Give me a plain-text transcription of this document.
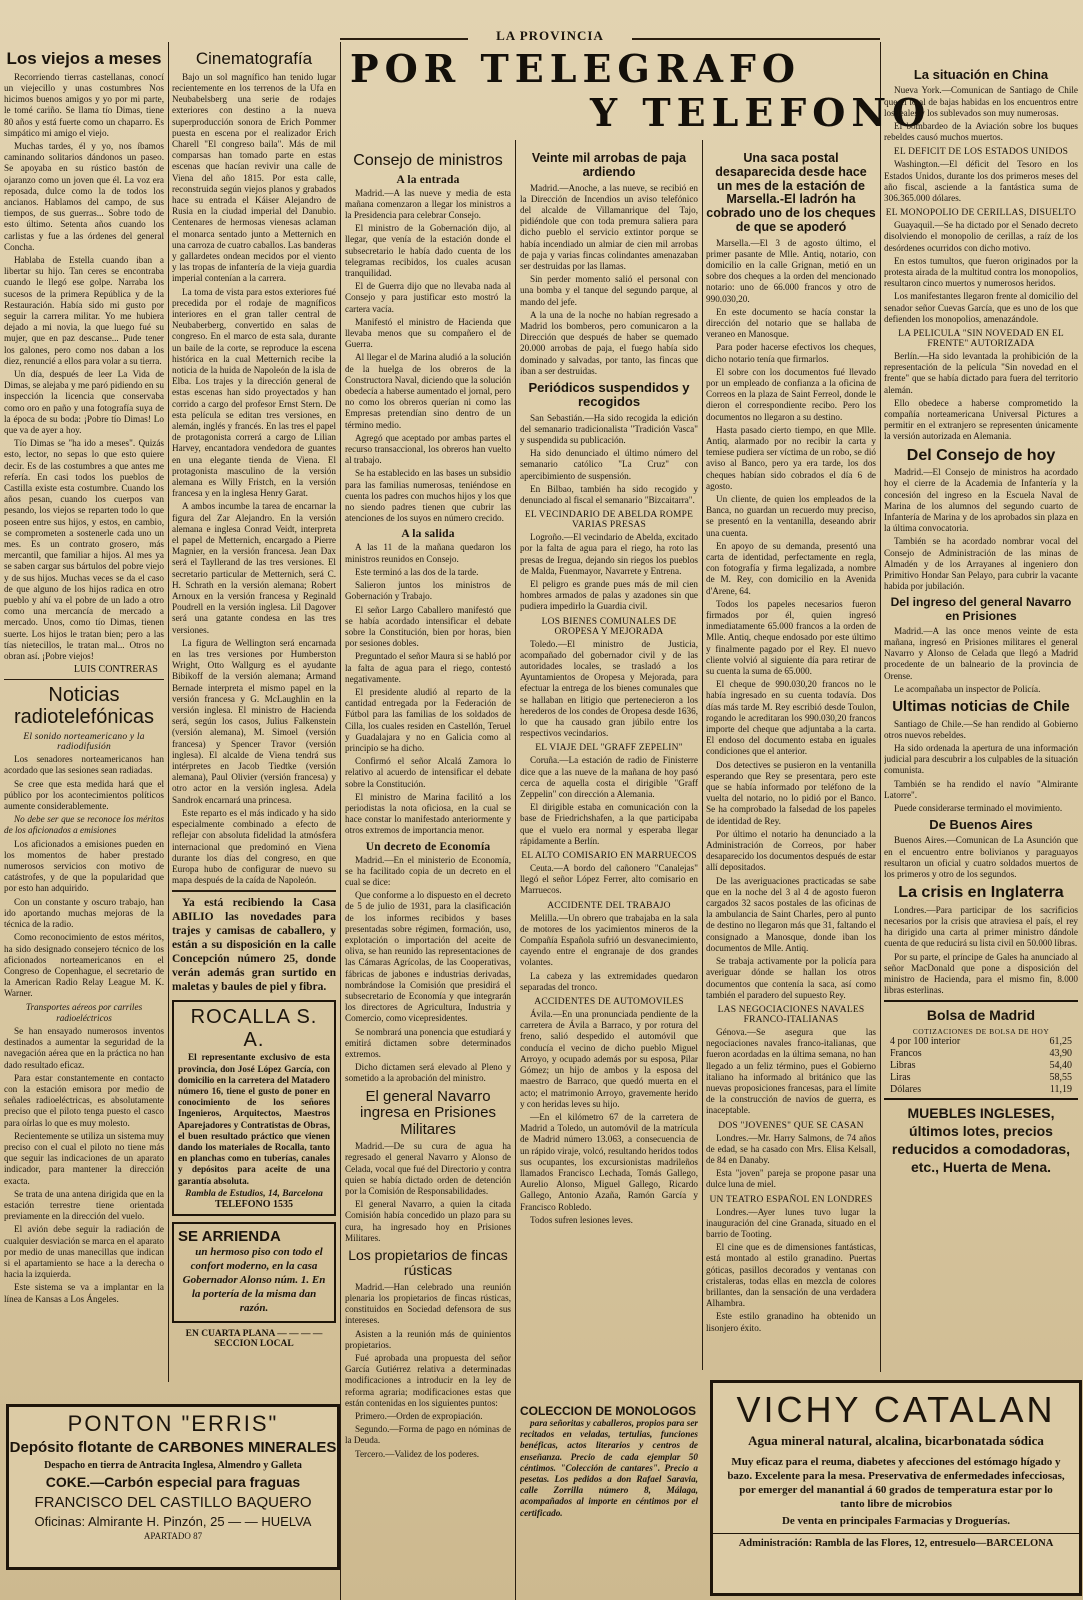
LA PROVINCIA
POR TELEGRAFO
Y TELEFONO
Los viejos a meses

Recorriendo tierras castellanas, conocí un viejecillo y unas costumbres Nos hicimos buenos amigos y yo por mi parte, le tomé cariño. Se llama tío Dimas, tiene 80 años y está fuerte como un chaparro. Es simpático mi amigo el viejo.

Muchas tardes, él y yo, nos íbamos caminando solitarios dándonos un paseo. Se apoyaba en su rústico bastón de ojaranzo como un joven que él. La voz era reposada, dulce como la de todos los ancianos. Hablamos del campo, de sus tiempos, de sus guerras... Sobre todo de esto último. Setenta años cuando los carlistas y fue a las órdenes del general Concha.

Hablaba de Estella cuando iban a libertar su hijo. Tan ceres se encontraba cuando le llegó ese golpe. Narraba los sucesos de la primera República y de la Restauración. Había sido mi gusto por seguir la carrera militar. Yo me hubiera dejado a mi novia, la que luego fué su mujer, que en paz descanse... Pude tener los galones, pero como nos daban a los diez, renuncié a ellos para volar a su tierra.

Un día, después de leer La Vida de Dimas, se alejaba y me paró pidiendo en su inspección la licencia que conservaba como oro en paño y una fotografía suya de la época de su boda: ¡Pobre tío Dimas! Lo que va de ayer a hoy.

Tío Dimas se "ha ido a meses". Quizás esto, lector, no sepas lo que esto quiere decir. Es de las costumbres a que antes me refería. En casi todos los pueblos de Castilla existe esta costumbre. Cuando los años pesan, cuando los cuerpos van pesando, los viejos se reparten todo lo que poseen entre sus hijos, y estos, en cambio, se comprometen a sostenerle cada uno un mes. Es un contrato grosero, más mercantil, que familiar a hijos. Al mes ya se saben cargar sus bártulos del pobre viejo y de sus hijos. Muchas veces se da el caso de que alguno de los hijos radica en otro pueblo y ahí va el pobre de un lado a otro como una mercancía de mercado a mercado. Unos, como tío Dimas, tienen suerte. Los hijos le tratan bien; pero a las tías nietecillos, le tratan mal... Otros no obran así. ¡Pobre viejos!

LUIS CONTRERAS
Noticias radiotelefónicas
El sonido norteamericano y la radiodifusión

Los senadores norteamericanos han acordado que las sesiones sean radiadas.

Se cree que esta medida hará que el público por los acontecimientos políticos aumente considerablemente.

No debe ser que se reconoce los méritos de los aficionados a emisiones

Los aficionados a emisiones pueden en los momentos de haber prestado numerosos servicios con motivo de catástrofes, y de que la popularidad que por esto han adquirido.

Con un constante y oscuro trabajo, han ido aportando muchas mejoras de la técnica de la radio.

Como reconocimiento de estos méritos, ha sido designado consejero técnico de los aficionados norteamericanos en el Congreso de Copenhague, el secretario de la American Radio Relay League M. K. Warner.

Transportes aéreos por carriles radioeléctricos

Se han ensayado numerosos inventos destinados a aumentar la seguridad de la navegación aérea que en la práctica no han dado resultado eficaz.

Para estar constantemente en contacto con la estación emisora por medio de señales radioeléctricas, es absolutamente preciso que el piloto tenga puesto el casco para oírlas lo que es muy molesto.

Recientemente se utiliza un sistema muy preciso con el cual el piloto no tiene más que seguir las indicaciones de un aparato indicador, para mantener la dirección exacta.

Se trata de una antena dirigida que en la estación terrestre tiene orientada previamente en la dirección del vuelo.

El avión debe seguir la radiación de cualquier desviación se marca en el aparato por medio de unas manecillas que indican si el apartamiento se hace a la derecha o hacia la izquierda.

Este sistema se va a implantar en la línea de Kansas a Los Ángeles.

PONTON "ERRIS"
Depósito flotante de CARBONES MINERALES
Despacho en tierra de Antracita Inglesa, Almendro y Galleta
COKE.—Carbón especial para fraguas
FRANCISCO DEL CASTILLO BAQUERO
Oficinas: Almirante H. Pinzón, 25 — — HUELVA
APARTADO 87
Cinematografía

Bajo un sol magnífico han tenido lugar recientemente en los terrenos de la Ufa en Neubabelsberg una serie de rodajes exteriores con destino a la nueva superproducción sonora de Erich Pommer puesta en escena por el realizador Erich Charell "El congreso baila". Más de mil comparsas han tomado parte en estas escenas que hacían revivir una calle de Viena del año 1815. Por esta calle, reconstruida según viejos planos y grabados hace su entrada el Káiser Alejandro de Rusia en la ciudad imperial del Danubio. Centenares de hermosas vienesas aclaman el monarca sentado junto a Metternich en una carroza de cuatro caballos. Las banderas y gallardetes ondean mecidos por el viento y las tropas de infantería de la vieja guardia imperial contenían a la carrera.

La toma de vista para estos exteriores fué precedida por el rodaje de magníficos interiores en el gran taller central de Neubaberberg, convertido en salas de congreso. En el marco de esta sala, durante un baile de la corte, se reproduce la escena histórica en la cual Metternich recibe la noticia de la huida de Napoleón de la isla de Elba. Los trajes y la dirección general de estas escenas han sido proyectados y han corrido a cargo del profesor Ernst Stern. De esta película se editan tres versiones, en alemán, inglés y francés. En las tres el papel de protagonista correrá a cargo de Lilian Harvey, encantadora vendedora de guantes en una elegante tienda de Viena. El protagonista masculino de la versión alemana es Willy Fristch, en la versión francesa y en la inglesa Henry Garat.

A ambos incumbe la tarea de encarnar la figura del Zar Alejandro. En la versión alemana e inglesa Conrad Veidt, interpreta el papel de Metternich, encargado a Pierre Magnier, en la versión francesa. Jean Dax será el Tayllerand de las tres versiones. El secretario particular de Metternich, será C. H. Schrath en la versión alemana; Robert Arnoux en la versión francesa y Reginald Poudrell en la versión inglesa. Lil Dagover será una gatante condesa en las tres versiones.

La figura de Wellington será encarnada en las tres versiones por Humberston Wright, Otto Wallgurg es el ayudante Bibikoff de la versión alemana; Armand Bernade interpreta el mismo papel en la versión francesa y G. McLaughlin en la versión inglesa. El ministro de Hacienda será, según los casos, Julius Falkenstein (versión alemana), M. Simoel (versión francesa) y Spencer Travor (versión inglesa). El alcalde de Viena tendrá sus intérpretes en Jacob Tiedtke (versión alemana), Paul Olivier (versión francesa) y otro actor en la versión inglesa. Adela Sandrok encarnará una princesa.

Este reparto es el más indicado y ha sido especialmente combinado a efecto de reflejar con absoluta fidelidad la atmósfera internacional que predominó en Viena durante los días del congreso, en que Europa hubo de configurar de nuevo su mapa después de la caída de Napoleón.

Ya está recibiendo la Casa ABILIO las novedades para trajes y camisas de caballero, y están a su disposición en la calle Concepción número 25, donde verán además gran surtido en maletas y baules de piel y fibra.

ROCALLA S. A.

El representante exclusivo de esta provincia, don José López García, con domicilio en la carretera del Matadero número 16, tiene el gusto de poner en conocimiento de los señores Ingenieros, Arquitectos, Maestros Aparejadores y Contratistas de Obras, el buen resultado práctico que vienen dando los materiales de Rocalla, tanto en planchas como en tuberías, canales y depósitos para aceite de una garantía absoluta.

Rambla de Estudios, 14, Barcelona
TELEFONO 1535
SE ARRIENDA

un hermoso piso con todo el confort moderno, en la casa Gobernador Alonso núm. 1. En la portería de la misma dan razón.

EN CUARTA PLANA — — — — SECCION LOCAL
Consejo de ministros
A la entrada

Madrid.—A las nueve y media de esta mañana comenzaron a llegar los ministros a la Presidencia para celebrar Consejo.

El ministro de la Gobernación dijo, al llegar, que venía de la estación donde el subsecretario le había dado cuenta de los telegramas recibidos, los cuales acusan tranquilidad.

El de Guerra dijo que no llevaba nada al Consejo y para justificar esto mostró la cartera vacía.

Manifestó el ministro de Hacienda que llevaba menos que su compañero el de Guerra.

Al llegar el de Marina aludió a la solución de la huelga de los obreros de la Constructora Naval, diciendo que la solución obedecía a haberse aumentado el jornal, pero no como los obreros querían ni como las Empresas pretendían sino dentro de un término medio.

Agregó que aceptado por ambas partes el recurso transaccional, los obreros han vuelto al trabajo.

Se ha establecido en las bases un subsidio para las familias numerosas, teniéndose en cuenta los padres con muchos hijos y los que no siendo padres tienen que cubrir las atenciones de los suyos en número crecido.

A la salida

A las 11 de la mañana quedaron los ministros reunidos en Consejo.

Este terminó a las dos de la tarde.

Salieron juntos los ministros de Gobernación y Trabajo.

El señor Largo Caballero manifestó que se había acordado intensificar el debate sobre la Constitución, bien por horas, bien por sesiones dobles.

Preguntado el señor Maura si se habló por la falta de agua para el riego, contestó negativamente.

El presidente aludió al reparto de la cantidad entregada por la Federación de Fútbol para las familias de los soldados de Cilla, los cuales residen en Castellón, Teruel y Guadalajara y no en Galicia como al principio se ha dicho.

Confirmó el señor Alcalá Zamora lo relativo al acuerdo de intensificar el debate sobre la Constitución.

El ministro de Marina facilitó a los periodistas la nota oficiosa, en la cual se hace constar lo manifestado anteriormente y otros extremos de importancia menor.

Un decreto de Economía

Madrid.—En el ministerio de Economía, se ha facilitado copia de un decreto en el cual se dice:

Que conforme a lo dispuesto en el decreto de 5 de julio de 1931, para la clasificación de los informes recibidos y bases presentadas sobre régimen, formación, uso, explotación o importación del aceite de oliva, se han reunido las representaciones de las Cámaras Agrícolas, de las Cooperativas, fábricas de jabones e industrias derivadas, nombrándose la Comisión que presidirá el subsecretario de Economía y que integrarán los directores de Agricultura, Industria y Comercio, como vicepresidentes.

Se nombrará una ponencia que estudiará y emitirá dictamen sobre determinados extremos.

Dicho dictamen será elevado al Pleno y sometido a la aprobación del ministro.

El general Navarro ingresa en Prisiones Militares

Madrid.—De su cura de agua ha regresado el general Navarro y Alonso de Celada, vocal que fué del Directorio y contra quien se había dictado orden de detención por la Comisión de Responsabilidades.

El general Navarro, a quien la citada Comisión había concedido un plazo para su cura, ha ingresado hoy en Prisiones Militares.

Los propietarios de fincas rústicas

Madrid.—Han celebrado una reunión plenaria los propietarios de fincas rústicas, constituidos en Sociedad defensora de sus intereses.

Asisten a la reunión más de quinientos propietarios.

Fué aprobada una propuesta del señor García Gutiérrez relativa a determinadas modificaciones a introducir en la ley de reforma agraria; modificaciones estas que están contenidas en los siguientes puntos:

Primero.—Orden de expropiación.

Segundo.—Forma de pago en nóminas de la Deuda.

Tercero.—Validez de los poderes.

Veinte mil arrobas de paja ardiendo

Madrid.—Anoche, a las nueve, se recibió en la Dirección de Incendios un aviso telefónico del alcalde de Villamanrique del Tajo, pidiéndole que con toda premura saliera para dicho pueblo el servicio extintor porque se había incendiado un almiar de cien mil arrobas de paja y varias fincas colindantes amenazaban ser destruidas por las llamas.

Sin perder momento salió el personal con una bomba y el tanque del segundo parque, al mando del jefe.

A la una de la noche no habían regresado a Madrid los bomberos, pero comunicaron a la Dirección que después de haber se quemado 20.000 arrobas de paja, el fuego había sido dominado y salvadas, por tanto, las fincas que iban a ser destruidas.

Periódicos suspendidos y recogidos

San Sebastián.—Ha sido recogida la edición del semanario tradicionalista "Tradición Vasca" y suspendida su publicación.

Ha sido denunciado el último número del semanario católico "La Cruz" con apercibimiento de suspensión.

En Bilbao, también ha sido recogido y denunciado al fiscal el semanario "Bizcaitarra".

EL VECINDARIO DE ABELDA ROMPE VARIAS PRESAS

Logroño.—El vecindario de Abelda, excitado por la falta de agua para el riego, ha roto las presas de Iregua, dejando sin riegos los pueblos de Malda, Fuenmayor, Navarrete y Entrena.

El peligro es grande pues más de mil cien hombres armados de palas y azadones sin que pudiera impedirlo la Guardia civil.

LOS BIENES COMUNALES DE OROPESA Y MEJORADA

Toledo.—El ministro de Justicia, acompañado del gobernador civil y de las autoridades locales, se trasladó a los Ayuntamientos de Oropesa y Mejorada, para efectuar la entrega de los bienes comunales que se hallaban en litigio que pertenecieron a los herederos de los condes de Oropesa desde 1636, lo que ha causado gran júbilo entre los respectivos vecindarios.

EL VIAJE DEL "GRAFF ZEPELIN"

Coruña.—La estación de radio de Finisterre dice que a las nueve de la mañana de hoy pasó cerca de aquella costa el dirigible "Graff Zeppelin" con dirección a Alemania.

El dirigible estaba en comunicación con la base de Friedrichshafen, a la que participaba que el vuelo era normal y esperaba llegar rápidamente a Berlín.

EL ALTO COMISARIO EN MARRUECOS

Ceuta.—A bordo del cañonero "Canalejas" llegó el señor López Ferrer, alto comisario en Marruecos.

ACCIDENTE DEL TRABAJO

Melilla.—Un obrero que trabajaba en la sala de motores de los yacimientos mineros de la Compañía Española sufrió un desvanecimiento, cayendo entre el engranaje de dos grandes volantes.

La cabeza y las extremidades quedaron separadas del tronco.

ACCIDENTES DE AUTOMOVILES

Ávila.—En una pronunciada pendiente de la carretera de Ávila a Barraco, y por rotura del freno, salió despedido el automóvil que conducía el vecino de dicho pueblo Miguel Arroyo, y ocupado además por su esposa, Pilar Gómez; un hijo de ambos y la esposa del maestro de Barraco, que quedó muerta en el acto; el matrimonio Arroyo, gravemente herido y con heridas leves su hijo.

—En el kilómetro 67 de la carretera de Madrid a Toledo, un automóvil de la matrícula de Madrid número 13.063, a consecuencia de un rápido viraje, volcó, resultando heridos todos sus ocupantes, los excursionistas madrileños llamados Francisco Lechada, Tomás Gallego, Aurelio Alonso, Miguel Gallego, Ricardo Gallego, Antonio Azaña, Ramón García y Francisco Robledo.

Todos sufren lesiones leves.

COLECCION DE MONOLOGOS

para señoritas y caballeros, propios para ser recitados en veladas, tertulias, funciones benéficas, actos literarios y centros de enseñanza. Precio de cada ejemplar 50 céntimos. "Colección de cantares". Precio a pesetas. Los pedidos a don Rafael Saravia, calle Zorrilla número 8, Málaga, acompañados al importe en céntimos por el certificado.

Una saca postal desaparecida desde hace un mes de la estación de Marsella.-El ladrón ha cobrado uno de los cheques de que se apoderó

Marsella.—El 3 de agosto último, el primer pasante de Mlle. Antiq, notario, con domicilio en la calle Grignan, metió en un sobre dos cheques a la orden del mencionado notario: uno de 66.000 francos y otro de 990.030,20.

En este documento se hacía constar la dirección del notario que se hallaba de veraneo en Manosque.

Para poder hacerse efectivos los cheques, dicho notario tenía que firmarlos.

El sobre con los documentos fué llevado por un empleado de confianza a la oficina de Correos en la plaza de Saint Ferreol, donde le dieron el correspondiente recibo. Pero los documentos no llegaron a su destino.

Hasta pasado cierto tiempo, en que Mlle. Antiq, alarmado por no recibir la carta y temiese pudiera ser víctima de un robo, se dió aviso al Banco, pero ya era tarde, los dos cheques habían sido cobrados el día 6 de agosto.

Un cliente, de quien los empleados de la Banca, no guardan un recuerdo muy preciso, se presentó en la ventanilla, deseando abrir una cuenta.

En apoyo de su demanda, presentó una carta de identidad, perfectamente en regla, con fotografía y firma legalizada, a nombre de M. Rey, con domicilio en la Avenida d'Arene, 64.

Todos los papeles necesarios fueron firmados por él, quien ingresó inmediatamente 65.000 francos a la orden de Mlle. Antiq, cheque endosado por este último y finalmente pagado por el Rey. El nuevo cliente volvió al siguiente día para retirar de su cuenta la suma de 65.000.

El cheque de 990.030,20 francos no le había ingresado en su cuenta todavía. Dos días más tarde M. Rey escribió desde Toulon, rogando le acreditaran los 990.030,20 francos importe del cheque que adjuntaba a la carta. El endoso del documento estaba en iguales condiciones que el anterior.

Dos detectives se pusieron en la ventanilla esperando que Rey se presentara, pero este que se había informado por teléfono de la vuelta del notario, no lo pidió por el Banco. Se ha comprobado la falsedad de los papeles de identidad de Rey.

Por último el notario ha denunciado a la Administración de Correos, por haber desaparecido los documentos después de estar allí depositados.

De las averiguaciones practicadas se sabe que en la noche del 3 al 4 de agosto fueron cargados 32 sacos postales de las oficinas de la ambulancia de Saint Charles, pero al punto de destino no llegaron más que 31, faltando el consignado a Manosque, donde iban los documentos de Mlle. Antiq.

Se trabaja activamente por la policía para averiguar dónde se hallan los otros documentos que contenía la saca, así como también el paradero del supuesto Rey.

LAS NEGOCIACIONES NAVALES FRANCO-ITALIANAS

Génova.—Se asegura que las negociaciones navales franco-italianas, que fueron acordadas en la última semana, no han llegado a un feliz término, pues el Gobierno italiano ha informado al británico que las nuevas proposiciones francesas, para el límite de la construcción de navíos de guerra, es inaceptable.

DOS "JOVENES" QUE SE CASAN

Londres.—Mr. Harry Salmons, de 74 años de edad, se ha casado con Mrs. Elisa Kelsall, de 84 en Danaby.

Esta "joven" pareja se propone pasar una dulce luna de miel.

UN TEATRO ESPAÑOL EN LONDRES

Londres.—Ayer lunes tuvo lugar la inauguración del cine Granada, situado en el barrio de Tooting.

El cine que es de dimensiones fantásticas, está montado al estilo granadino. Puertas góticas, pasillos decorados y ventanas con cristaleras, todas ellas en mezcla de colores brillantes, dan la sensación de una verdadera Alhambra.

Este estilo granadino ha obtenido un lisonjero éxito.

La situación en China

Nueva York.—Comunican de Santiago de Chile que el total de bajas habidas en los encuentros entre los leales y los sublevados son muy numerosas.

El bombardeo de la Aviación sobre los buques rebeldes causó muchos muertos.

EL DEFICIT DE LOS ESTADOS UNIDOS

Washington.—El déficit del Tesoro en los Estados Unidos, durante los dos primeros meses del año fiscal, asciende a la fantástica suma de 306.365.000 dólares.

EL MONOPOLIO DE CERILLAS, DISUELTO

Guayaquil.—Se ha dictado por el Senado decreto disolviendo el monopolio de cerillas, a raíz de los desórdenes ocurridos con dicho motivo.

En estos tumultos, que fueron originados por la protesta airada de la multitud contra los monopolios, resultaron cinco muertos y numerosos heridos.

Los manifestantes llegaron frente al domicilio del senador señor Cuevas García, que es uno de los que defienden los monopolios, amenazándole.

LA PELICULA "SIN NOVEDAD EN EL FRENTE" AUTORIZADA

Berlín.—Ha sido levantada la prohibición de la representación de la película "Sin novedad en el frente" que se había dictado para fuera del territorio alemán.

Ello obedece a haberse comprometido la compañía norteamericana Universal Pictures a permitir en el extranjero se representen únicamente la versión autorizada en Alemania.

Del Consejo de hoy

Madrid.—El Consejo de ministros ha acordado hoy el cierre de la Academia de Infantería y la concesión del ingreso en la Escuela Naval de Marina de los alumnos del segundo cuarto de Infantería de Marina y de los aprobados sin plaza en la última convocatoria.

También se ha acordado nombrar vocal del Consejo de Administración de las minas de Almadén y de los Arrayanes al ingeniero don Primitivo Hondar San Pelayo, para cubrir la vacante habida por jubilación.

Del ingreso del general Navarro en Prisiones

Madrid.—A las once menos veinte de esta mañana, ingresó en Prisiones militares el general Navarro y Alonso de Celada que llegó a Madrid procedente de un balneario de la provincia de Orense.

Le acompañaba un inspector de Policía.

Ultimas noticias de Chile

Santiago de Chile.—Se han rendido al Gobierno otros nuevos rebeldes.

Ha sido ordenada la apertura de una información judicial para descubrir a los culpables de la situación comunista.

También se ha rendido el navío "Almirante Latorre".

Puede considerarse terminado el movimiento.

De Buenos Aires

Buenos Aires.—Comunican de La Asunción que en el encuentro entre bolivianos y paraguayos resultaron un oficial y cuatro soldados muertos de los primeros y otro de los segundos.

La crisis en Inglaterra

Londres.—Para participar de los sacrificios necesarios por la crisis que atraviesa el país, el rey ha dirigido una carta al primer ministro dándole cuenta de que reducirá su lista civil en 50.000 libras.

Por su parte, el príncipe de Gales ha anunciado al señor MacDonald que pone a disposición del ministro de Hacienda, para el mismo fin, 8.000 libras esterlinas.

Bolsa de Madrid
COTIZACIONES DE BOLSA DE HOY
4 por 100 interior	61,25
Francos	43,90
Libras	54,40
Liras	58,55
Dólares	11,19
MUEBLES INGLESES, últimos lotes, precios reducidos a comodadoras, etc., Huerta de Mena.
VICHY CATALAN
Agua mineral natural, alcalina, bicarbonatada sódica
Muy eficaz para el reuma, diabetes y afecciones del estómago hígado y bazo. Excelente para la mesa. Preservativa de enfermedades infecciosas, por emerger del manantial á 60 grados de temperatura estar por lo tanto libre de microbios
De venta en principales Farmacias y Droguerías.
Administración: Rambla de las Flores, 12, entresuelo—BARCELONA
